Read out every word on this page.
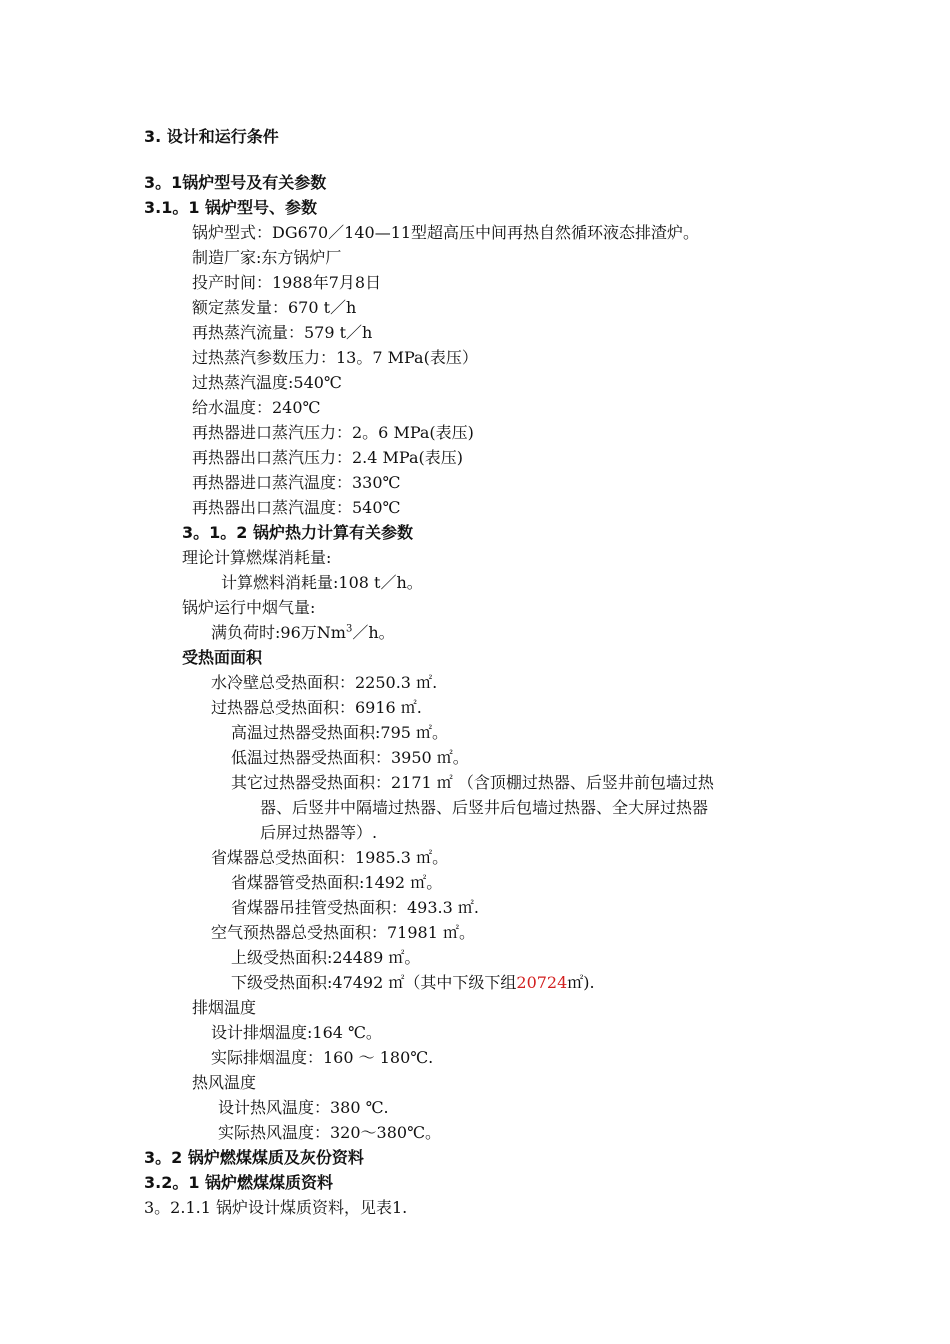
3. 设计和运行条件
3。1锅炉型号及有关参数
3.1。1 锅炉型号、参数
锅炉型式：DG670／140—11型超高压中间再热自然循环液态排渣炉。
制造厂家:东方锅炉厂
投产时间：1988年7月8日
额定蒸发量：670 t／h
再热蒸汽流量：579 t／h
过热蒸汽参数压力：13。7 MPa(表压）
过热蒸汽温度:540℃
给水温度：240℃
再热器进口蒸汽压力：2。6 MPa(表压)
再热器出口蒸汽压力：2.4 MPa(表压)
再热器进口蒸汽温度：330℃
再热器出口蒸汽温度：540℃
3。1。2 锅炉热力计算有关参数
理论计算燃煤消耗量:
计算燃料消耗量:108 t／h。
锅炉运行中烟气量:
满负荷时:96万Nm$^3$／h。
受热面面积
水冷壁总受热面积：2250.3 ㎡.
过热器总受热面积：6916 ㎡.
高温过热器受热面积:795 ㎡。
低温过热器受热面积：3950 ㎡。
其它过热器受热面积：2171 ㎡ （含顶棚过热器、后竖井前包墙过热
器、后竖井中隔墙过热器、后竖井后包墙过热器、全大屏过热器
后屏过热器等）.
省煤器总受热面积：1985.3 ㎡。
省煤器管受热面积:1492 ㎡。
省煤器吊挂管受热面积：493.3 ㎡.
空气预热器总受热面积：71981 ㎡。
上级受热面积:24489 ㎡。
下级受热面积:47492 ㎡（其中下级下组20724㎡).
排烟温度
设计排烟温度:164 ℃。
实际排烟温度：160 ～ 180℃.
热风温度
设计热风温度：380 ℃.
实际热风温度：320～380℃。
3。2 锅炉燃煤煤质及灰份资料
3.2。1 锅炉燃煤煤质资料
3。2.1.1 锅炉设计煤质资料，见表1.
